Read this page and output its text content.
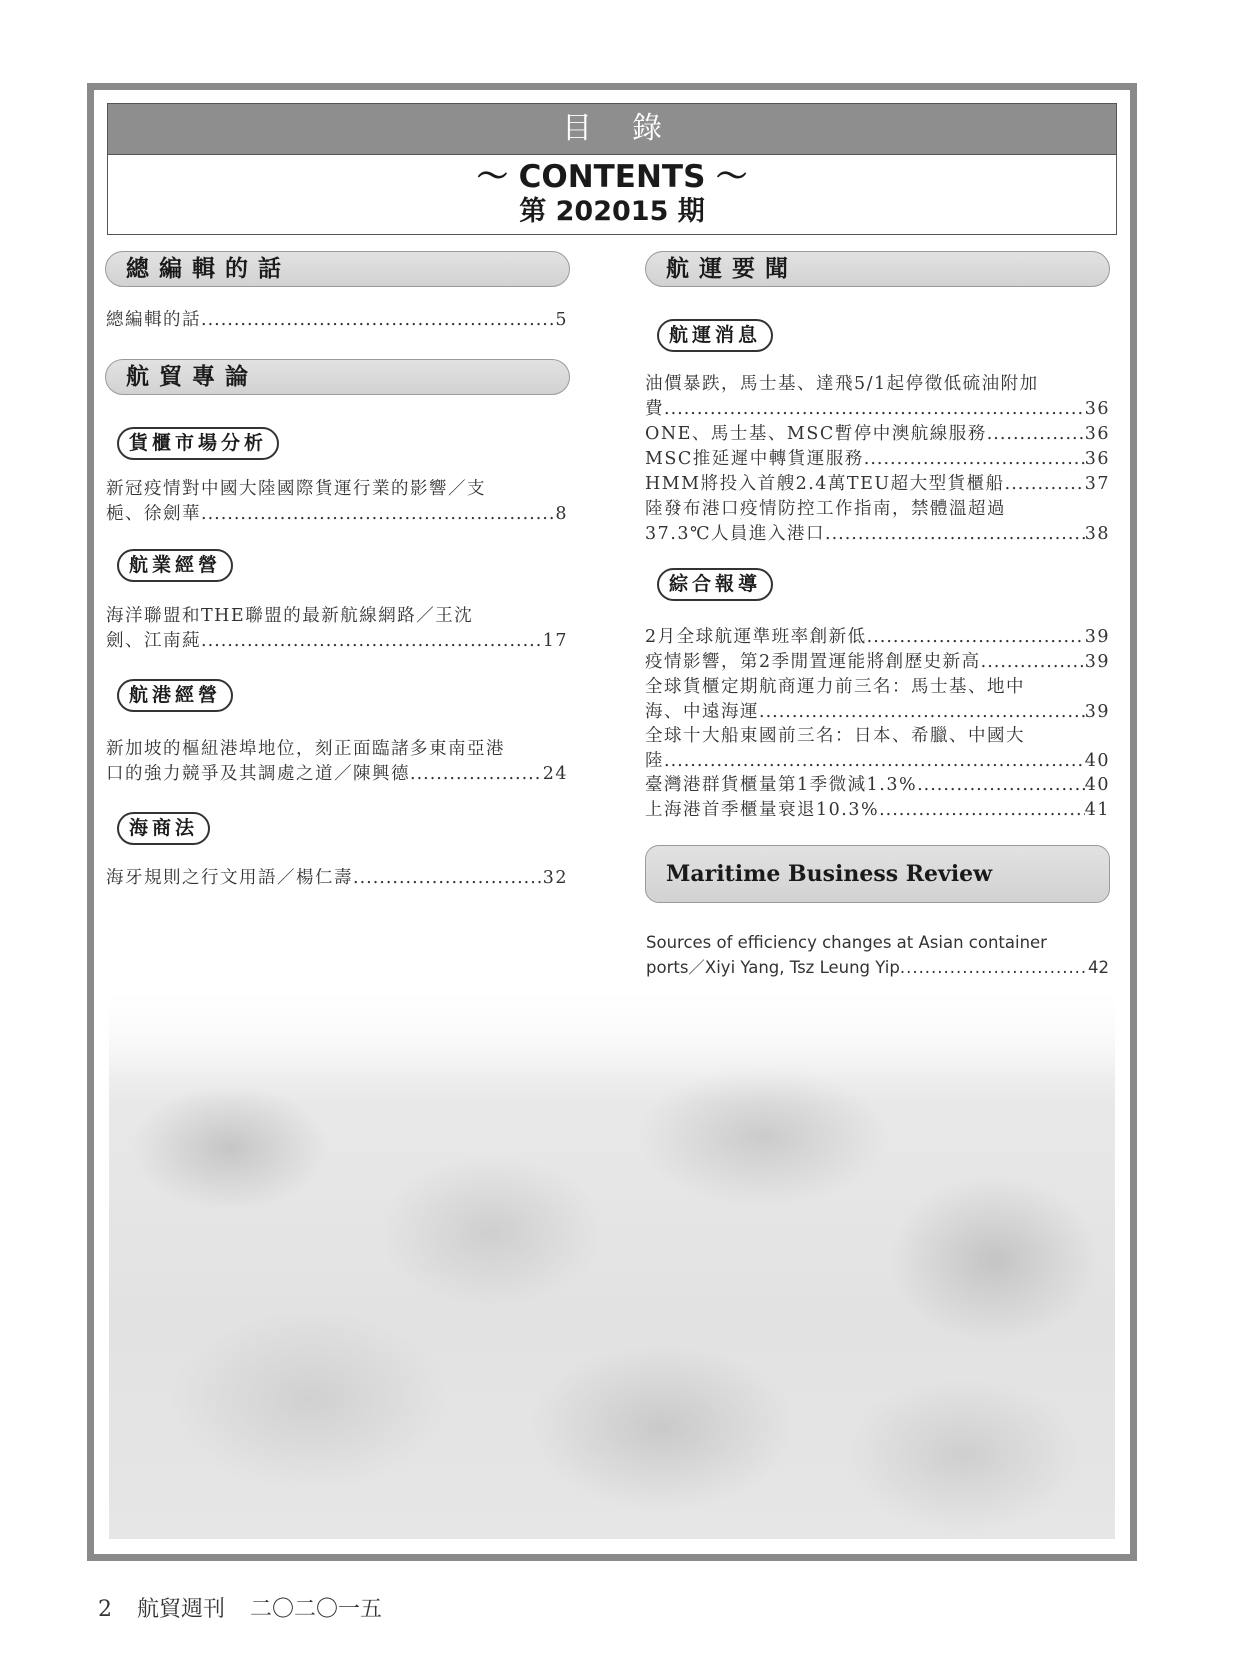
目錄
～ CONTENTS ～
第 202015 期
總編輯的話
總編輯的話 .....	5
航貿專論
貨櫃市場分析
新冠疫情對中國大陸國際貨運行業的影響／支
梔、徐劍華 .....	8
航業經營
海洋聯盟和THE聯盟的最新航線網路／王沈
劍、江南蒓 .....	17
航港經營
新加坡的樞紐港埠地位，刻正面臨諸多東南亞港
口的強力競爭及其調處之道／陳興德 .....	24
海商法
海牙規則之行文用語／楊仁壽 .....	32
航運要聞
航運消息
油價暴跌，馬士基、達飛5/1起停徵低硫油附加
費 .....	36
ONE、馬士基、MSC暫停中澳航線服務 .....	36
MSC推延遲中轉貨運服務 .....	36
HMM將投入首艘2.4萬TEU超大型貨櫃船 .....	37
陸發布港口疫情防控工作指南，禁體溫超過
37.3℃人員進入港口 .....	38
綜合報導
2月全球航運準班率創新低 .....	39
疫情影響，第2季閒置運能將創歷史新高 .....	39
全球貨櫃定期航商運力前三名：馬士基、地中
海、中遠海運 .....	39
全球十大船東國前三名：日本、希臘、中國大
陸 .....	40
臺灣港群貨櫃量第1季微減1.3% .....	40
上海港首季櫃量衰退10.3% .....	41
Maritime Business Review
Sources of efficiency changes at Asian container
ports／Xiyi Yang, Tsz Leung Yip .....	42
2 航貿週刊 二〇二〇一五
